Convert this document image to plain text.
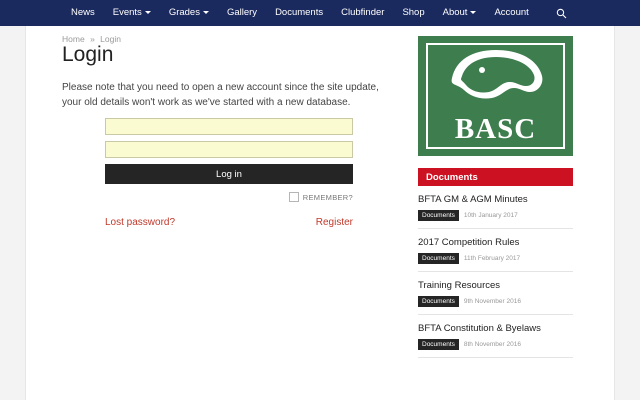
News	Events	Grades	Gallery	Documents	Clubfinder	Shop	About	Account
Home » Login
Login

Please note that you need to open a new account since the site update, your old details won't work as we've started with a new database.

Log in
REMEMBER?
Lost password?	Register
BASC
Documents
BFTA GM & AGM Minutes
Documents	10th January 2017
2017 Competition Rules
Documents	11th February 2017
Training Resources
Documents	9th November 2016
BFTA Constitution & Byelaws
Documents	8th November 2016
